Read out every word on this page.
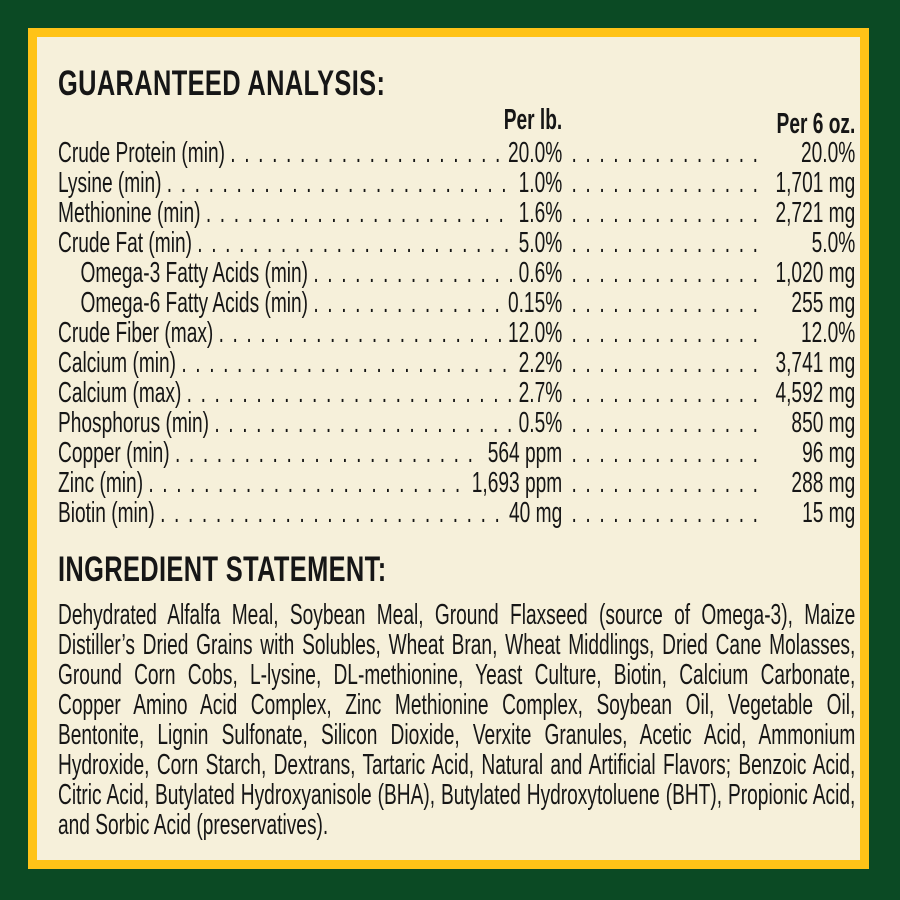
GUARANTEED ANALYSIS:
Per lb.	Per 6 oz.
Crude Protein (min) . . .	20.0% . . .	20.0%
Lysine (min) . . .	1.0% . . .	1,701 mg
Methionine (min) . . .	1.6% . . .	2,721 mg
Crude Fat (min) . . .	5.0% . . .	5.0%
Omega-3 Fatty Acids (min) . . .	0.6% . . .	1,020 mg
Omega-6 Fatty Acids (min) . . .	0.15% . . .	255 mg
Crude Fiber (max) . . .	12.0% . . .	12.0%
Calcium (min) . . .	2.2% . . .	3,741 mg
Calcium (max) . . .	2.7% . . .	4,592 mg
Phosphorus (min) . . .	0.5% . . .	850 mg
Copper (min) . . .	564 ppm . . .	96 mg
Zinc (min) . . .	1,693 ppm . . .	288 mg
Biotin (min) . . .	40 mg . . .	15 mg
INGREDIENT STATEMENT:

Dehydrated Alfalfa Meal, Soybean Meal, Ground Flaxseed (source of Omega-3), Maize Distiller’s Dried Grains with Solubles, Wheat Bran, Wheat Middlings, Dried Cane Molasses, Ground Corn Cobs, L-lysine, DL-methionine, Yeast Culture, Biotin, Calcium Carbonate, Copper Amino Acid Complex, Zinc Methionine Complex, Soybean Oil, Vegetable Oil, Bentonite, Lignin Sulfonate, Silicon Dioxide, Verxite Granules, Acetic Acid, Ammonium Hydroxide, Corn Starch, Dextrans, Tartaric Acid, Natural and Artificial Flavors; Benzoic Acid, Citric Acid, Butylated Hydroxyanisole (BHA), Butylated Hydroxytoluene (BHT), Propionic Acid, and Sorbic Acid (preservatives).
